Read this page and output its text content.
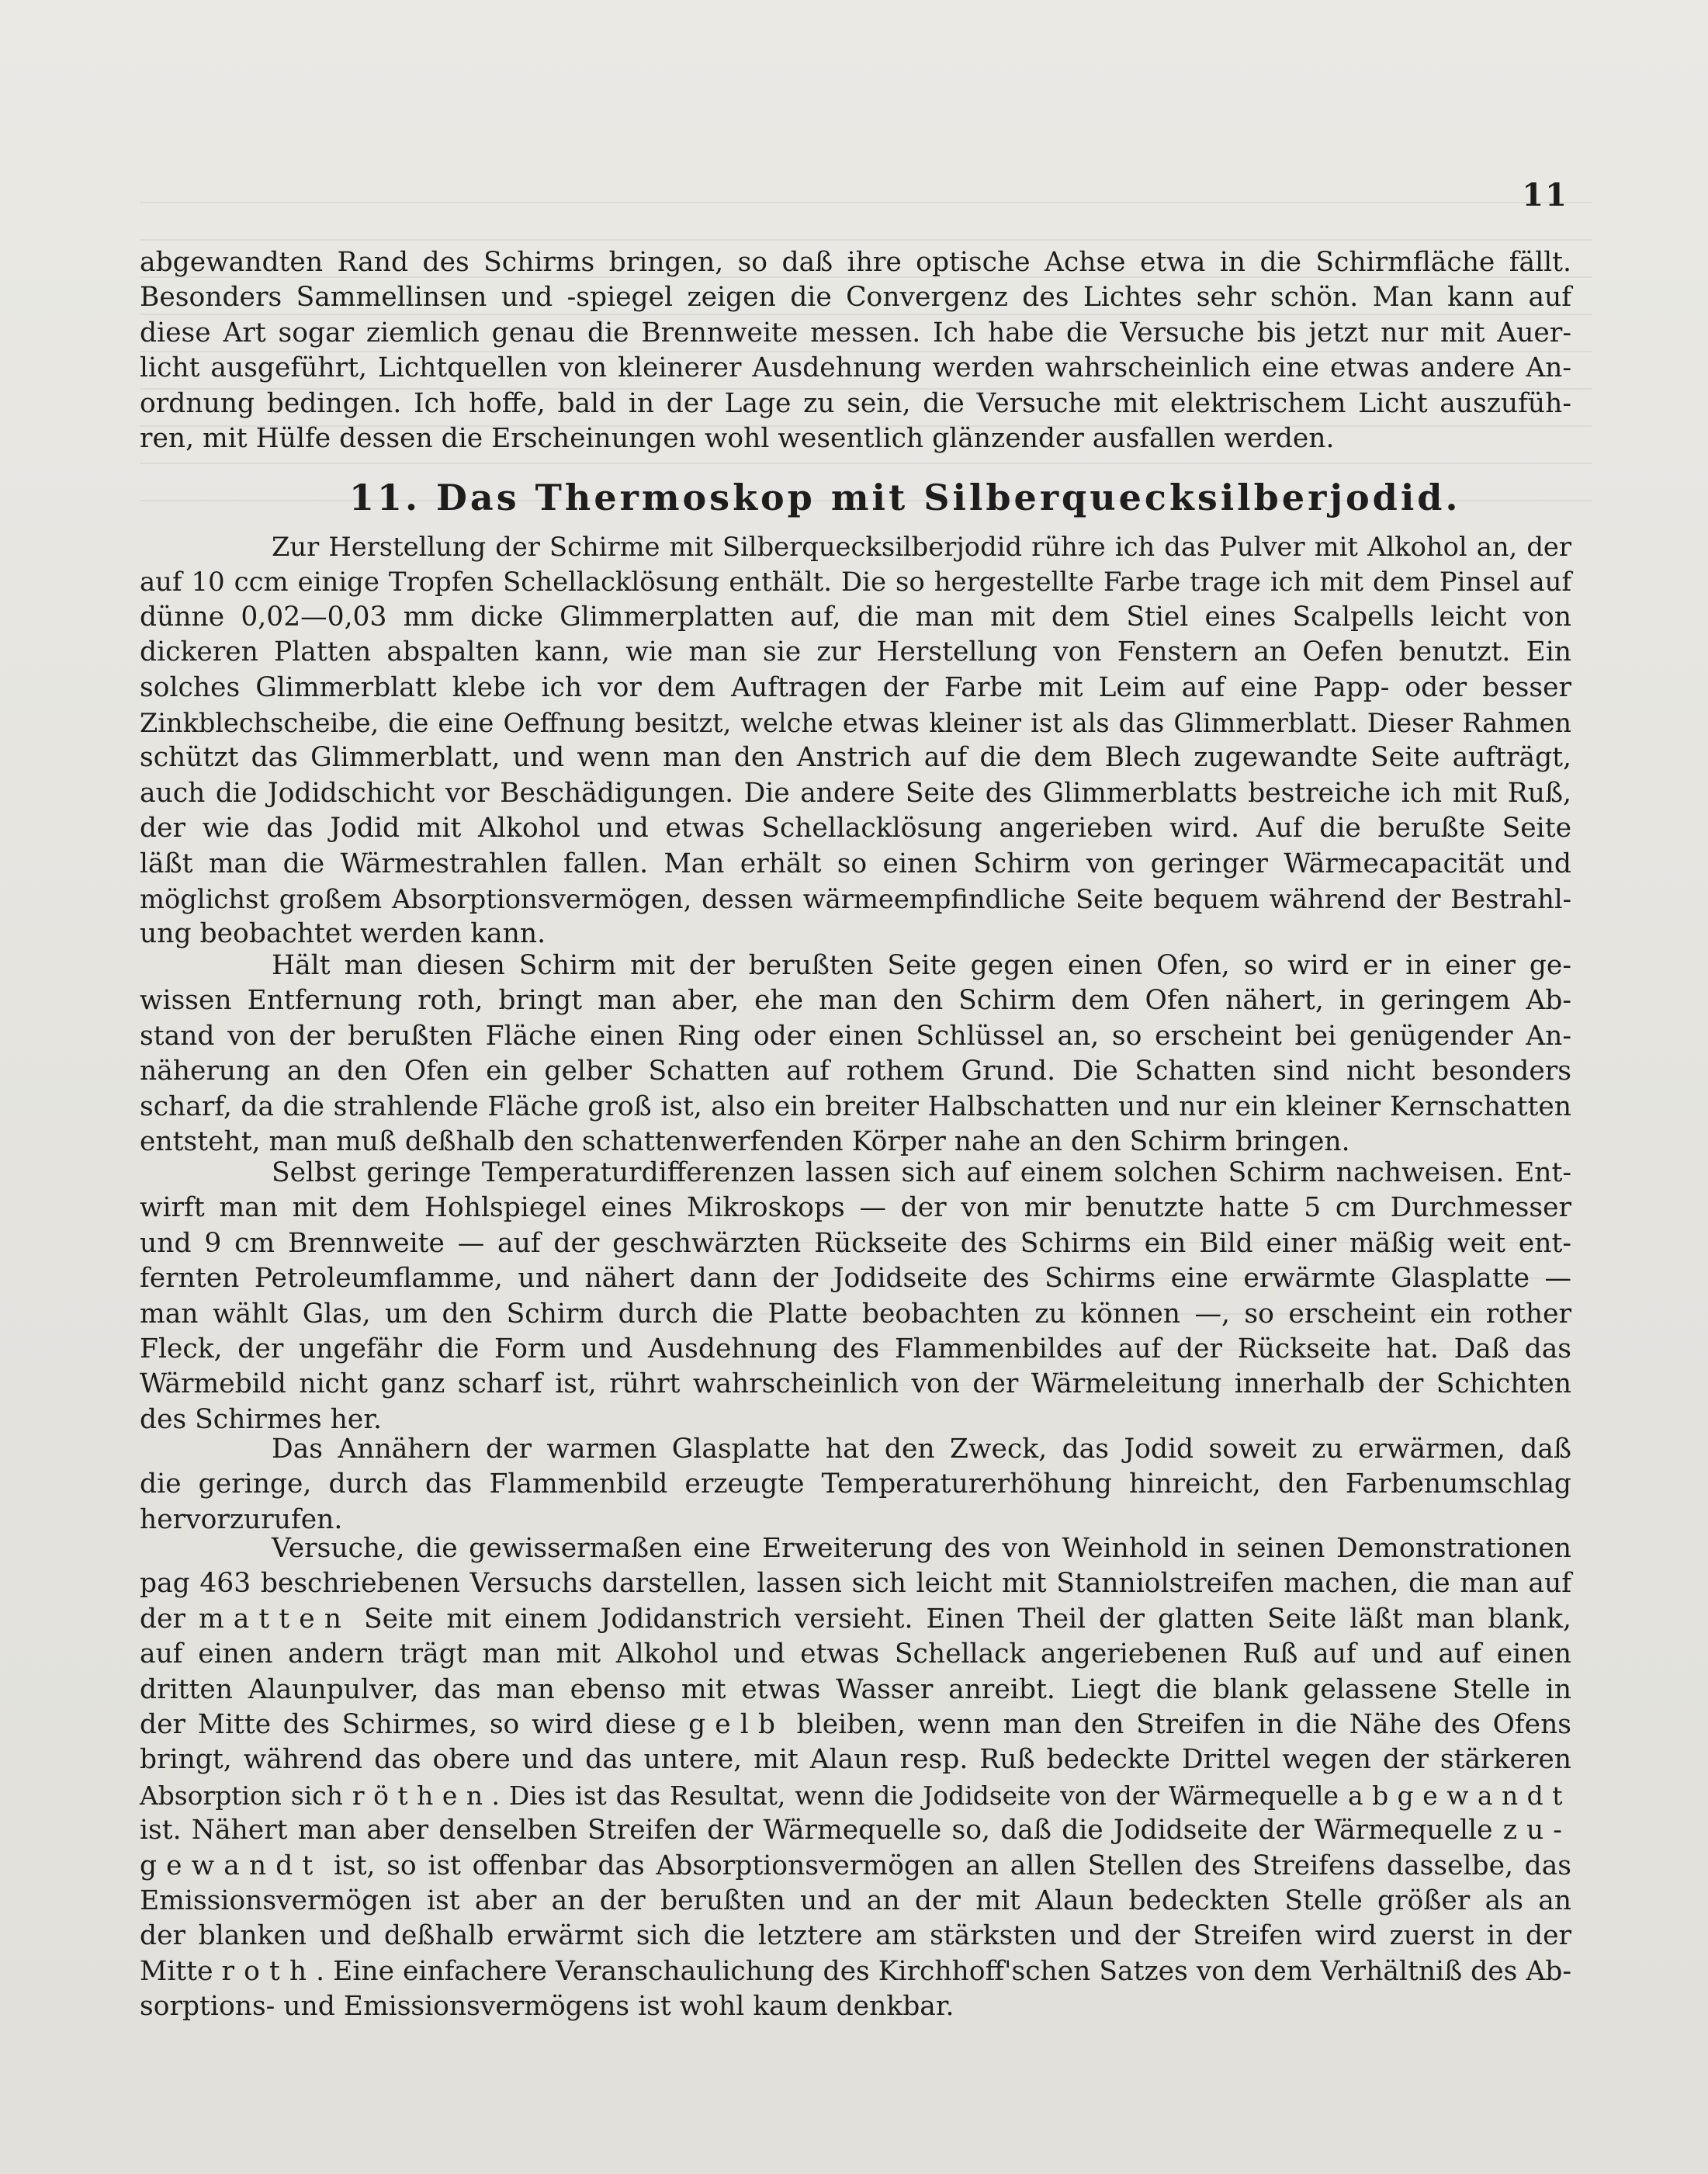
11
abgewandten Rand des Schirms bringen, so daß ihre optische Achse etwa in die Schirmfläche fällt.
Besonders Sammellinsen und -spiegel zeigen die Convergenz des Lichtes sehr schön. Man kann auf
diese Art sogar ziemlich genau die Brennweite messen. Ich habe die Versuche bis jetzt nur mit Auer-
licht ausgeführt, Lichtquellen von kleinerer Ausdehnung werden wahrscheinlich eine etwas andere An-
ordnung bedingen. Ich hoffe, bald in der Lage zu sein, die Versuche mit elektrischem Licht auszufüh-
ren, mit Hülfe dessen die Erscheinungen wohl wesentlich glänzender ausfallen werden.
11. Das Thermoskop mit Silberquecksilberjodid.
Zur Herstellung der Schirme mit Silberquecksilberjodid rühre ich das Pulver mit Alkohol an, der
auf 10 ccm einige Tropfen Schellacklösung enthält. Die so hergestellte Farbe trage ich mit dem Pinsel auf
dünne 0,02—0,03 mm dicke Glimmerplatten auf, die man mit dem Stiel eines Scalpells leicht von
dickeren Platten abspalten kann, wie man sie zur Herstellung von Fenstern an Oefen benutzt. Ein
solches Glimmerblatt klebe ich vor dem Auftragen der Farbe mit Leim auf eine Papp- oder besser
Zinkblechscheibe, die eine Oeffnung besitzt, welche etwas kleiner ist als das Glimmerblatt. Dieser Rahmen
schützt das Glimmerblatt, und wenn man den Anstrich auf die dem Blech zugewandte Seite aufträgt,
auch die Jodidschicht vor Beschädigungen. Die andere Seite des Glimmerblatts bestreiche ich mit Ruß,
der wie das Jodid mit Alkohol und etwas Schellacklösung angerieben wird. Auf die berußte Seite
läßt man die Wärmestrahlen fallen. Man erhält so einen Schirm von geringer Wärmecapacität und
möglichst großem Absorptionsvermögen, dessen wärmeempfindliche Seite bequem während der Bestrahl-
ung beobachtet werden kann.
Hält man diesen Schirm mit der berußten Seite gegen einen Ofen, so wird er in einer ge-
wissen Entfernung roth, bringt man aber, ehe man den Schirm dem Ofen nähert, in geringem Ab-
stand von der berußten Fläche einen Ring oder einen Schlüssel an, so erscheint bei genügender An-
näherung an den Ofen ein gelber Schatten auf rothem Grund. Die Schatten sind nicht besonders
scharf, da die strahlende Fläche groß ist, also ein breiter Halbschatten und nur ein kleiner Kernschatten
entsteht, man muß deßhalb den schattenwerfenden Körper nahe an den Schirm bringen.
Selbst geringe Temperaturdifferenzen lassen sich auf einem solchen Schirm nachweisen. Ent-
wirft man mit dem Hohlspiegel eines Mikroskops — der von mir benutzte hatte 5 cm Durchmesser
und 9 cm Brennweite — auf der geschwärzten Rückseite des Schirms ein Bild einer mäßig weit ent-
fernten Petroleumflamme, und nähert dann der Jodidseite des Schirms eine erwärmte Glasplatte —
man wählt Glas, um den Schirm durch die Platte beobachten zu können —, so erscheint ein rother
Fleck, der ungefähr die Form und Ausdehnung des Flammenbildes auf der Rückseite hat. Daß das
Wärmebild nicht ganz scharf ist, rührt wahrscheinlich von der Wärmeleitung innerhalb der Schichten
des Schirmes her.
Das Annähern der warmen Glasplatte hat den Zweck, das Jodid soweit zu erwärmen, daß
die geringe, durch das Flammenbild erzeugte Temperaturerhöhung hinreicht, den Farbenumschlag
hervorzurufen.
Versuche, die gewissermaßen eine Erweiterung des von Weinhold in seinen Demonstrationen
pag 463 beschriebenen Versuchs darstellen, lassen sich leicht mit Stanniolstreifen machen, die man auf
der matten Seite mit einem Jodidanstrich versieht. Einen Theil der glatten Seite läßt man blank,
auf einen andern trägt man mit Alkohol und etwas Schellack angeriebenen Ruß auf und auf einen
dritten Alaunpulver, das man ebenso mit etwas Wasser anreibt. Liegt die blank gelassene Stelle in
der Mitte des Schirmes, so wird diese gelb bleiben, wenn man den Streifen in die Nähe des Ofens
bringt, während das obere und das untere, mit Alaun resp. Ruß bedeckte Drittel wegen der stärkeren
Absorption sich röthen. Dies ist das Resultat, wenn die Jodidseite von der Wärmequelle abgewandt
ist. Nähert man aber denselben Streifen der Wärmequelle so, daß die Jodidseite der Wärmequelle zu-
gewandt ist, so ist offenbar das Absorptionsvermögen an allen Stellen des Streifens dasselbe, das
Emissionsvermögen ist aber an der berußten und an der mit Alaun bedeckten Stelle größer als an
der blanken und deßhalb erwärmt sich die letztere am stärksten und der Streifen wird zuerst in der
Mitte roth. Eine einfachere Veranschaulichung des Kirchhoff'schen Satzes von dem Verhältniß des Ab-
sorptions- und Emissionsvermögens ist wohl kaum denkbar.
